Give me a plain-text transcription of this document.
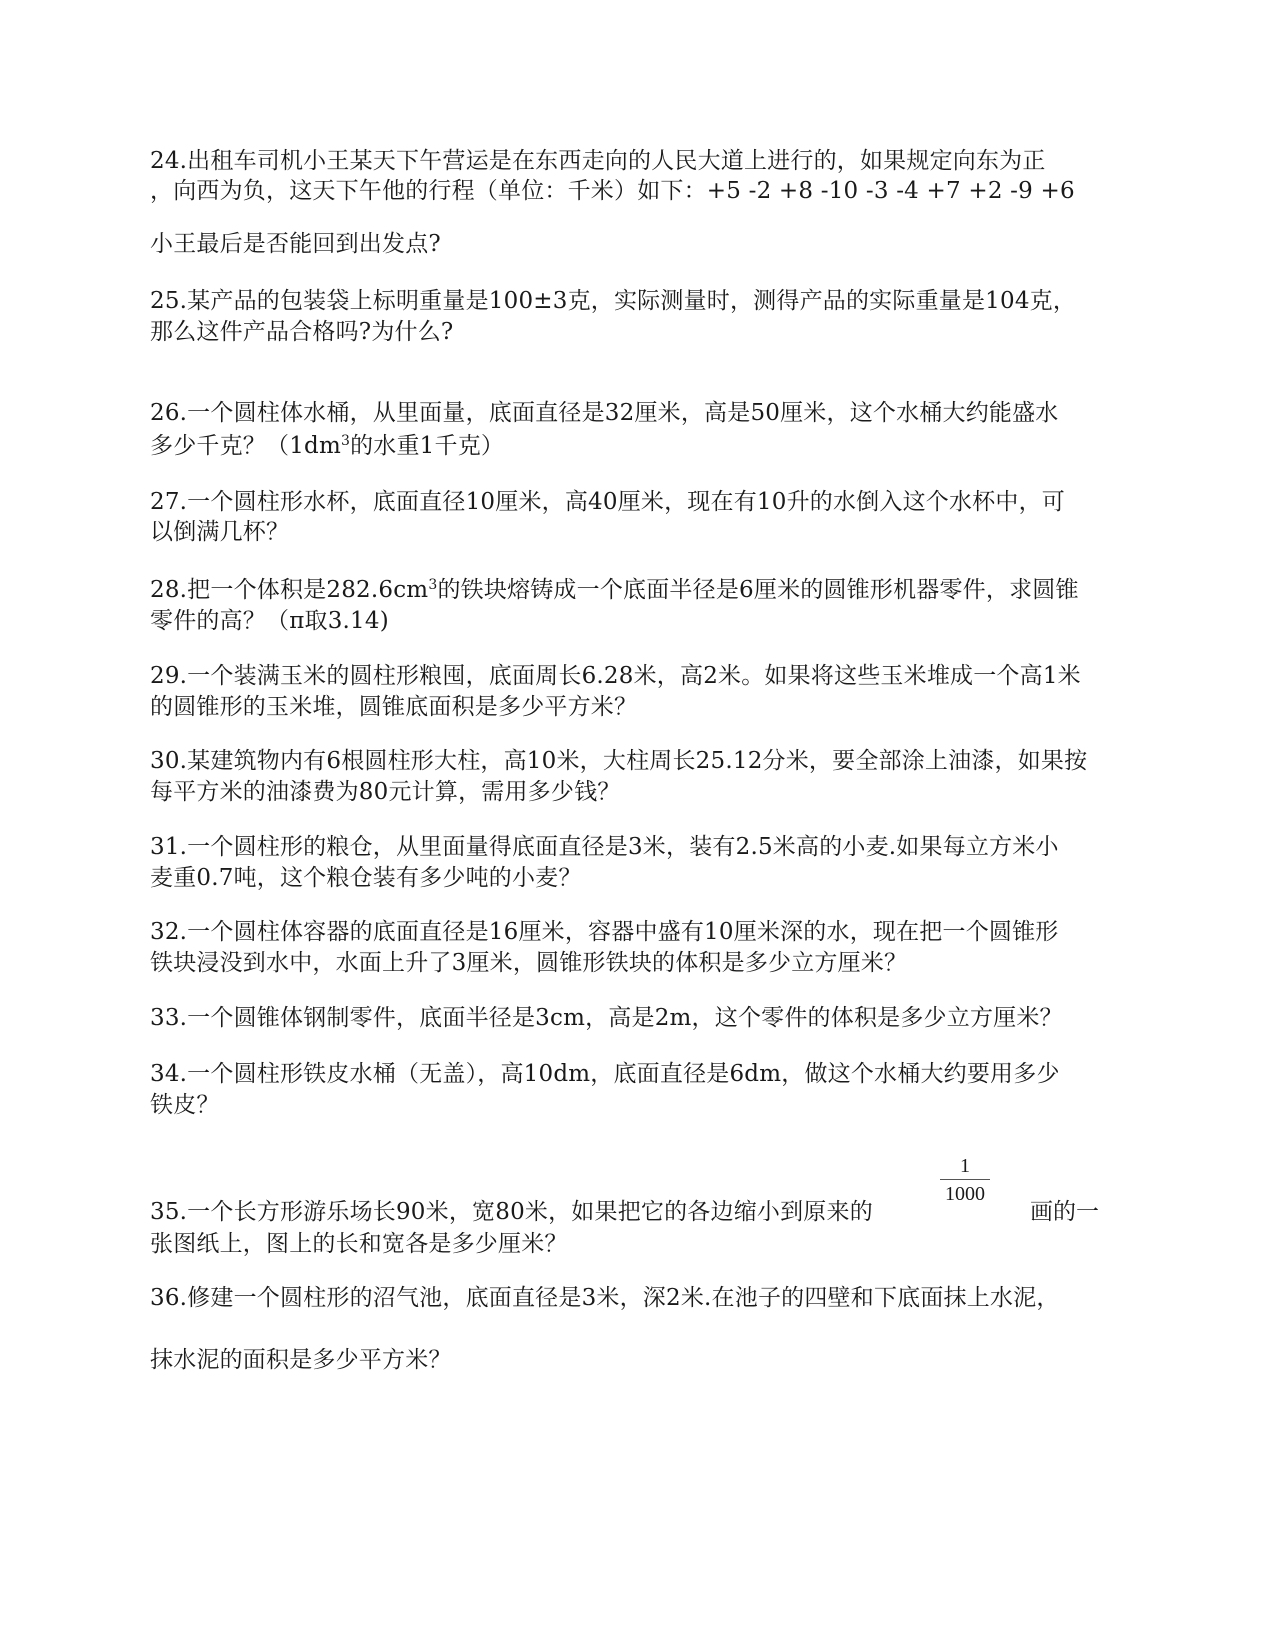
24.出租车司机小王某天下午营运是在东西走向的人民大道上进行的，如果规定向东为正
，向西为负，这天下午他的行程（单位：千米）如下：+5 -2 +8 -10 -3 -4 +7 +2 -9 +6
小王最后是否能回到出发点?
25.某产品的包装袋上标明重量是100±3克，实际测量时，测得产品的实际重量是104克，
那么这件产品合格吗?为什么?
26.一个圆柱体水桶，从里面量，底面直径是32厘米，高是50厘米，这个水桶大约能盛水
多少千克？（$1dm^3$的水重1千克）
27.一个圆柱形水杯，底面直径10厘米，高40厘米，现在有10升的水倒入这个水杯中，可
以倒满几杯？
28.把一个体积是$282.6cm^3$的铁块熔铸成一个底面半径是6厘米的圆锥形机器零件，求圆锥
零件的高？（π取3.14)
29.一个装满玉米的圆柱形粮囤，底面周长6.28米，高2米。如果将这些玉米堆成一个高1米
的圆锥形的玉米堆，圆锥底面积是多少平方米？
30.某建筑物内有6根圆柱形大柱，高10米，大柱周长25.12分米，要全部涂上油漆，如果按
每平方米的油漆费为80元计算，需用多少钱？
31.一个圆柱形的粮仓，从里面量得底面直径是3米，装有2.5米高的小麦.如果每立方米小
麦重0.7吨，这个粮仓装有多少吨的小麦？
32.一个圆柱体容器的底面直径是16厘米，容器中盛有10厘米深的水，现在把一个圆锥形
铁块浸没到水中，水面上升了3厘米，圆锥形铁块的体积是多少立方厘米？
33.一个圆锥体钢制零件，底面半径是3cm，高是2m，这个零件的体积是多少立方厘米？
34.一个圆柱形铁皮水桶（无盖），高10dm，底面直径是6dm，做这个水桶大约要用多少
铁皮？
35.一个长方形游乐场长90米，宽80米，如果把它的各边缩小到原来的
1
1000
画的一
张图纸上，图上的长和宽各是多少厘米？
36.修建一个圆柱形的沼气池，底面直径是3米，深2米.在池子的四壁和下底面抹上水泥，
抹水泥的面积是多少平方米？
